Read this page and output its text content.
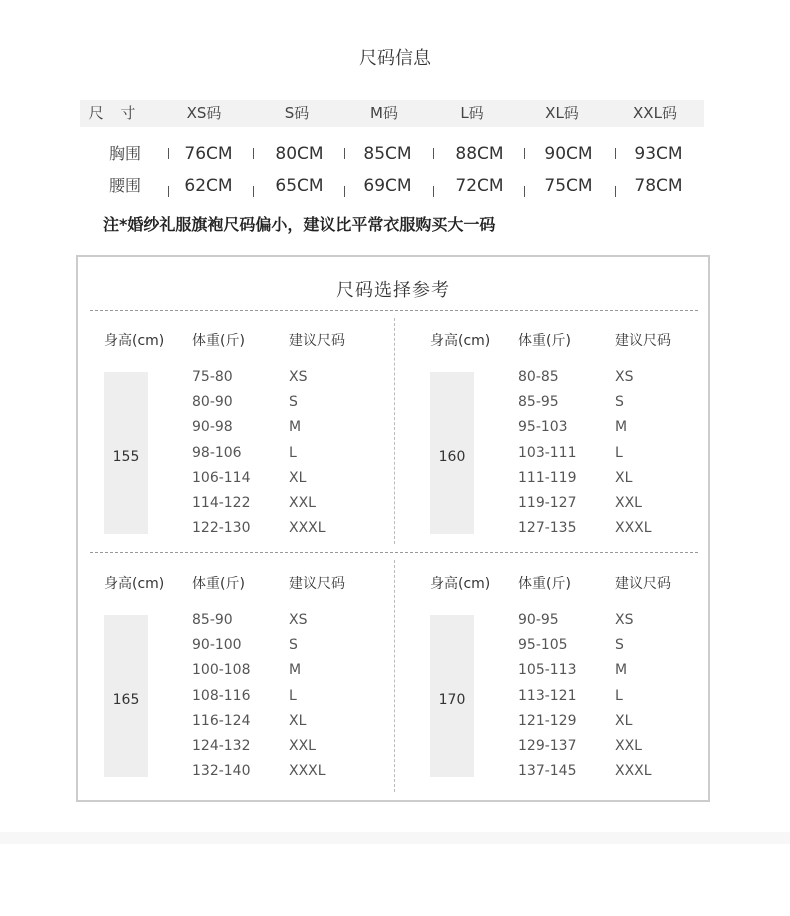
尺码信息
尺 寸	XS码	S码	M码	L码	XL码	XXL码
胸围	76CM	80CM	85CM	88CM	90CM	93CM
腰围	62CM	65CM	69CM	72CM	75CM	78CM
注*婚纱礼服旗袍尺码偏小，建议比平常衣服购买大一码
尺码选择参考
身高(cm) 体重(斤)	建议尺码
155
75-80	XS
80-90	S
90-98	M
98-106	L
106-114	XL
114-122	XXL
122-130	XXXL
身高(cm) 体重(斤)	建议尺码
160
80-85	XS
85-95	S
95-103	M
103-111	L
111-119	XL
119-127	XXL
127-135	XXXL
身高(cm) 体重(斤)	建议尺码
165
85-90	XS
90-100	S
100-108	M
108-116	L
116-124	XL
124-132	XXL
132-140	XXXL
身高(cm) 体重(斤)	建议尺码
170
90-95	XS
95-105	S
105-113	M
113-121	L
121-129	XL
129-137	XXL
137-145	XXXL
